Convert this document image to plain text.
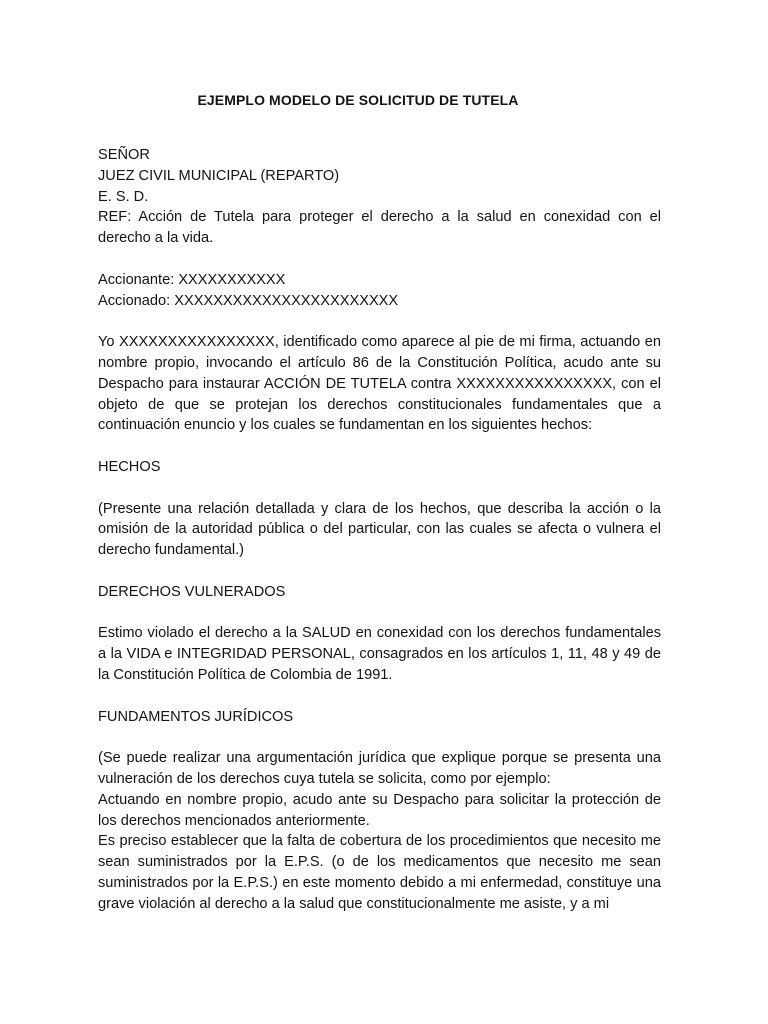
EJEMPLO MODELO DE SOLICITUD DE TUTELA

SEÑOR

JUEZ CIVIL MUNICIPAL (REPARTO)

E. S. D.

REF: Acción de Tutela para proteger el derecho a la salud en conexidad con el derecho a la vida.

Accionante: XXXXXXXXXXX

Accionado: XXXXXXXXXXXXXXXXXXXXXXX

Yo XXXXXXXXXXXXXXXX, identificado como aparece al pie de mi firma, actuando en nombre propio, invocando el artículo 86 de la Constitución Política, acudo ante su Despacho para instaurar ACCIÓN DE TUTELA contra XXXXXXXXXXXXXXXX, con el objeto de que se protejan los derechos constitucionales fundamentales que a continuación enuncio y los cuales se fundamentan en los siguientes hechos:

HECHOS

(Presente una relación detallada y clara de los hechos, que describa la acción o la omisión de la autoridad pública o del particular, con las cuales se afecta o vulnera el derecho fundamental.)

DERECHOS VULNERADOS

Estimo violado el derecho a la SALUD en conexidad con los derechos fundamentales a la VIDA e INTEGRIDAD PERSONAL, consagrados en los artículos 1, 11, 48 y 49 de la Constitución Política de Colombia de 1991.

FUNDAMENTOS JURÍDICOS

(Se puede realizar una argumentación jurídica que explique porque se presenta una vulneración de los derechos cuya tutela se solicita, como por ejemplo:

Actuando en nombre propio, acudo ante su Despacho para solicitar la protección de los derechos mencionados anteriormente.

Es preciso establecer que la falta de cobertura de los procedimientos que necesito me sean suministrados por la E.P.S. (o de los medicamentos que necesito me sean suministrados por la E.P.S.) en este momento debido a mi enfermedad, constituye una grave violación al derecho a la salud que constitucionalmente me asiste, y a mi
